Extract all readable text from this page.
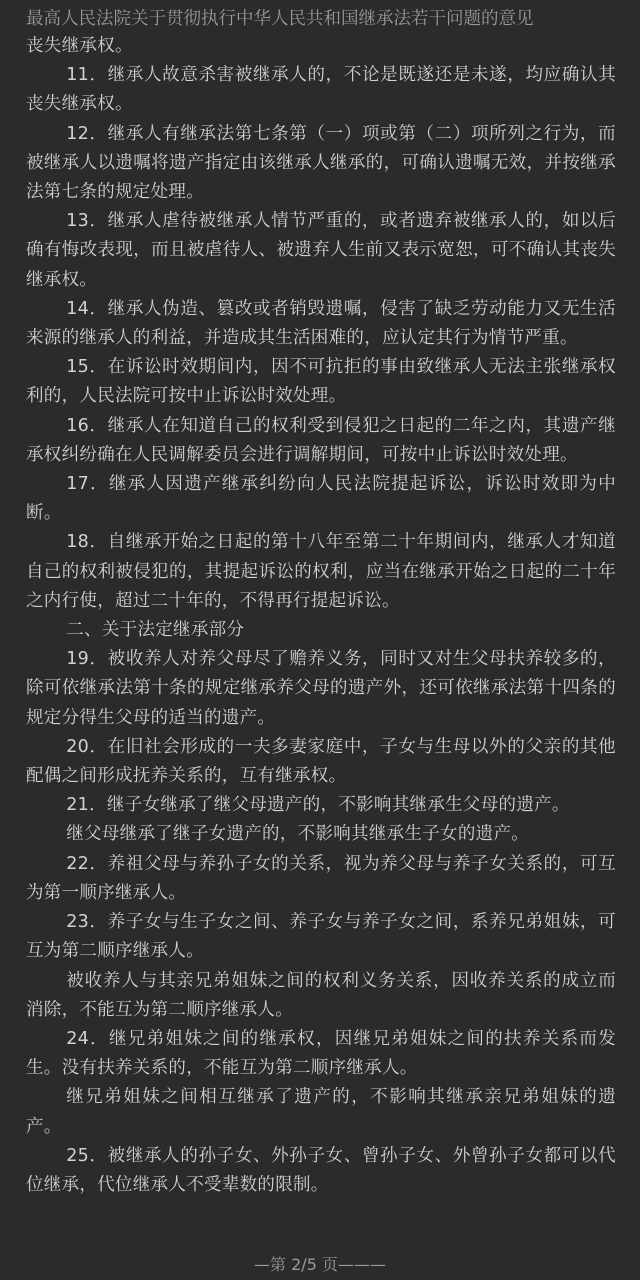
最高人民法院关于贯彻执行中华人民共和国继承法若干问题的意见

丧失继承权。

11．继承人故意杀害被继承人的，不论是既遂还是未遂，均应确认其丧失继承权。

12．继承人有继承法第七条第（一）项或第（二）项所列之行为，而被继承人以遗嘱将遗产指定由该继承人继承的，可确认遗嘱无效，并按继承法第七条的规定处理。

13．继承人虐待被继承人情节严重的，或者遗弃被继承人的，如以后确有悔改表现，而且被虐待人、被遗弃人生前又表示宽恕，可不确认其丧失继承权。

14．继承人伪造、篡改或者销毁遗嘱，侵害了缺乏劳动能力又无生活来源的继承人的利益，并造成其生活困难的，应认定其行为情节严重。

15．在诉讼时效期间内，因不可抗拒的事由致继承人无法主张继承权利的，人民法院可按中止诉讼时效处理。

16．继承人在知道自己的权利受到侵犯之日起的二年之内，其遗产继承权纠纷确在人民调解委员会进行调解期间，可按中止诉讼时效处理。

17．继承人因遗产继承纠纷向人民法院提起诉讼，诉讼时效即为中断。

18．自继承开始之日起的第十八年至第二十年期间内，继承人才知道自己的权利被侵犯的，其提起诉讼的权利，应当在继承开始之日起的二十年之内行使，超过二十年的，不得再行提起诉讼。

二、关于法定继承部分

19．被收养人对养父母尽了赡养义务，同时又对生父母扶养较多的，除可依继承法第十条的规定继承养父母的遗产外，还可依继承法第十四条的规定分得生父母的适当的遗产。

20．在旧社会形成的一夫多妻家庭中，子女与生母以外的父亲的其他配偶之间形成抚养关系的，互有继承权。

21．继子女继承了继父母遗产的，不影响其继承生父母的遗产。

继父母继承了继子女遗产的，不影响其继承生子女的遗产。

22．养祖父母与养孙子女的关系，视为养父母与养子女关系的，可互为第一顺序继承人。

23．养子女与生子女之间、养子女与养子女之间，系养兄弟姐妹，可互为第二顺序继承人。

被收养人与其亲兄弟姐妹之间的权利义务关系，因收养关系的成立而消除，不能互为第二顺序继承人。

24．继兄弟姐妹之间的继承权，因继兄弟姐妹之间的扶养关系而发生。没有扶养关系的，不能互为第二顺序继承人。

继兄弟姐妹之间相互继承了遗产的，不影响其继承亲兄弟姐妹的遗产。

25．被继承人的孙子女、外孙子女、曾孙子女、外曾孙子女都可以代位继承，代位继承人不受辈数的限制。

—第 2/5 页———
